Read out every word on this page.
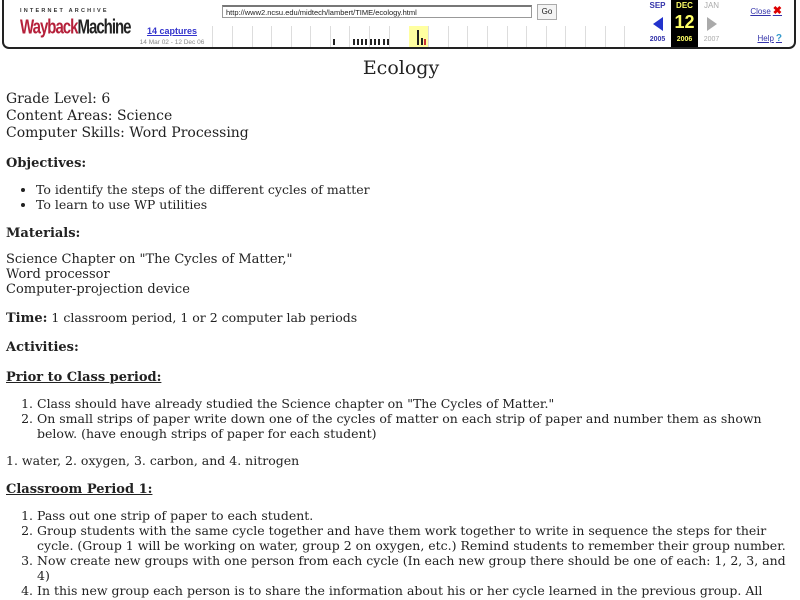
INTERNET ARCHIVE
WaybackMachine
http://www2.ncsu.edu/midtech/lambert/TIME/ecology.html	Go
14 captures
14 Mar 02 - 12 Dec 06
SEP
2005
DEC
12
2006
JAN
2007
Close ✖
Help ?
Ecology
Grade Level: 6
Content Areas: Science
Computer Skills: Word Processing
Objectives:
• To identify the steps of the different cycles of matter
• To learn to use WP utilities
Materials:
Science Chapter on "The Cycles of Matter,"
Word processor
Computer-projection device

Time: 1 classroom period, 1 or 2 computer lab periods

Activities:
Prior to Class period:
1. Class should have already studied the Science chapter on "The Cycles of Matter."
2. On small strips of paper write down one of the cycles of matter on each strip of paper and number them as shown below. (have enough strips of paper for each student)

1. water, 2. oxygen, 3. carbon, and 4. nitrogen

Classroom Period 1:
1. Pass out one strip of paper to each student.
2. Group students with the same cycle together and have them work together to write in sequence the steps for their cycle. (Group 1 will be working on water, group 2 on oxygen, etc.) Remind students to remember their group number.
3. Now create new groups with one person from each cycle (In each new group there should be one of each: 1, 2, 3, and 4)
4. In this new group each person is to share the information about his or her cycle learned in the previous group. All
